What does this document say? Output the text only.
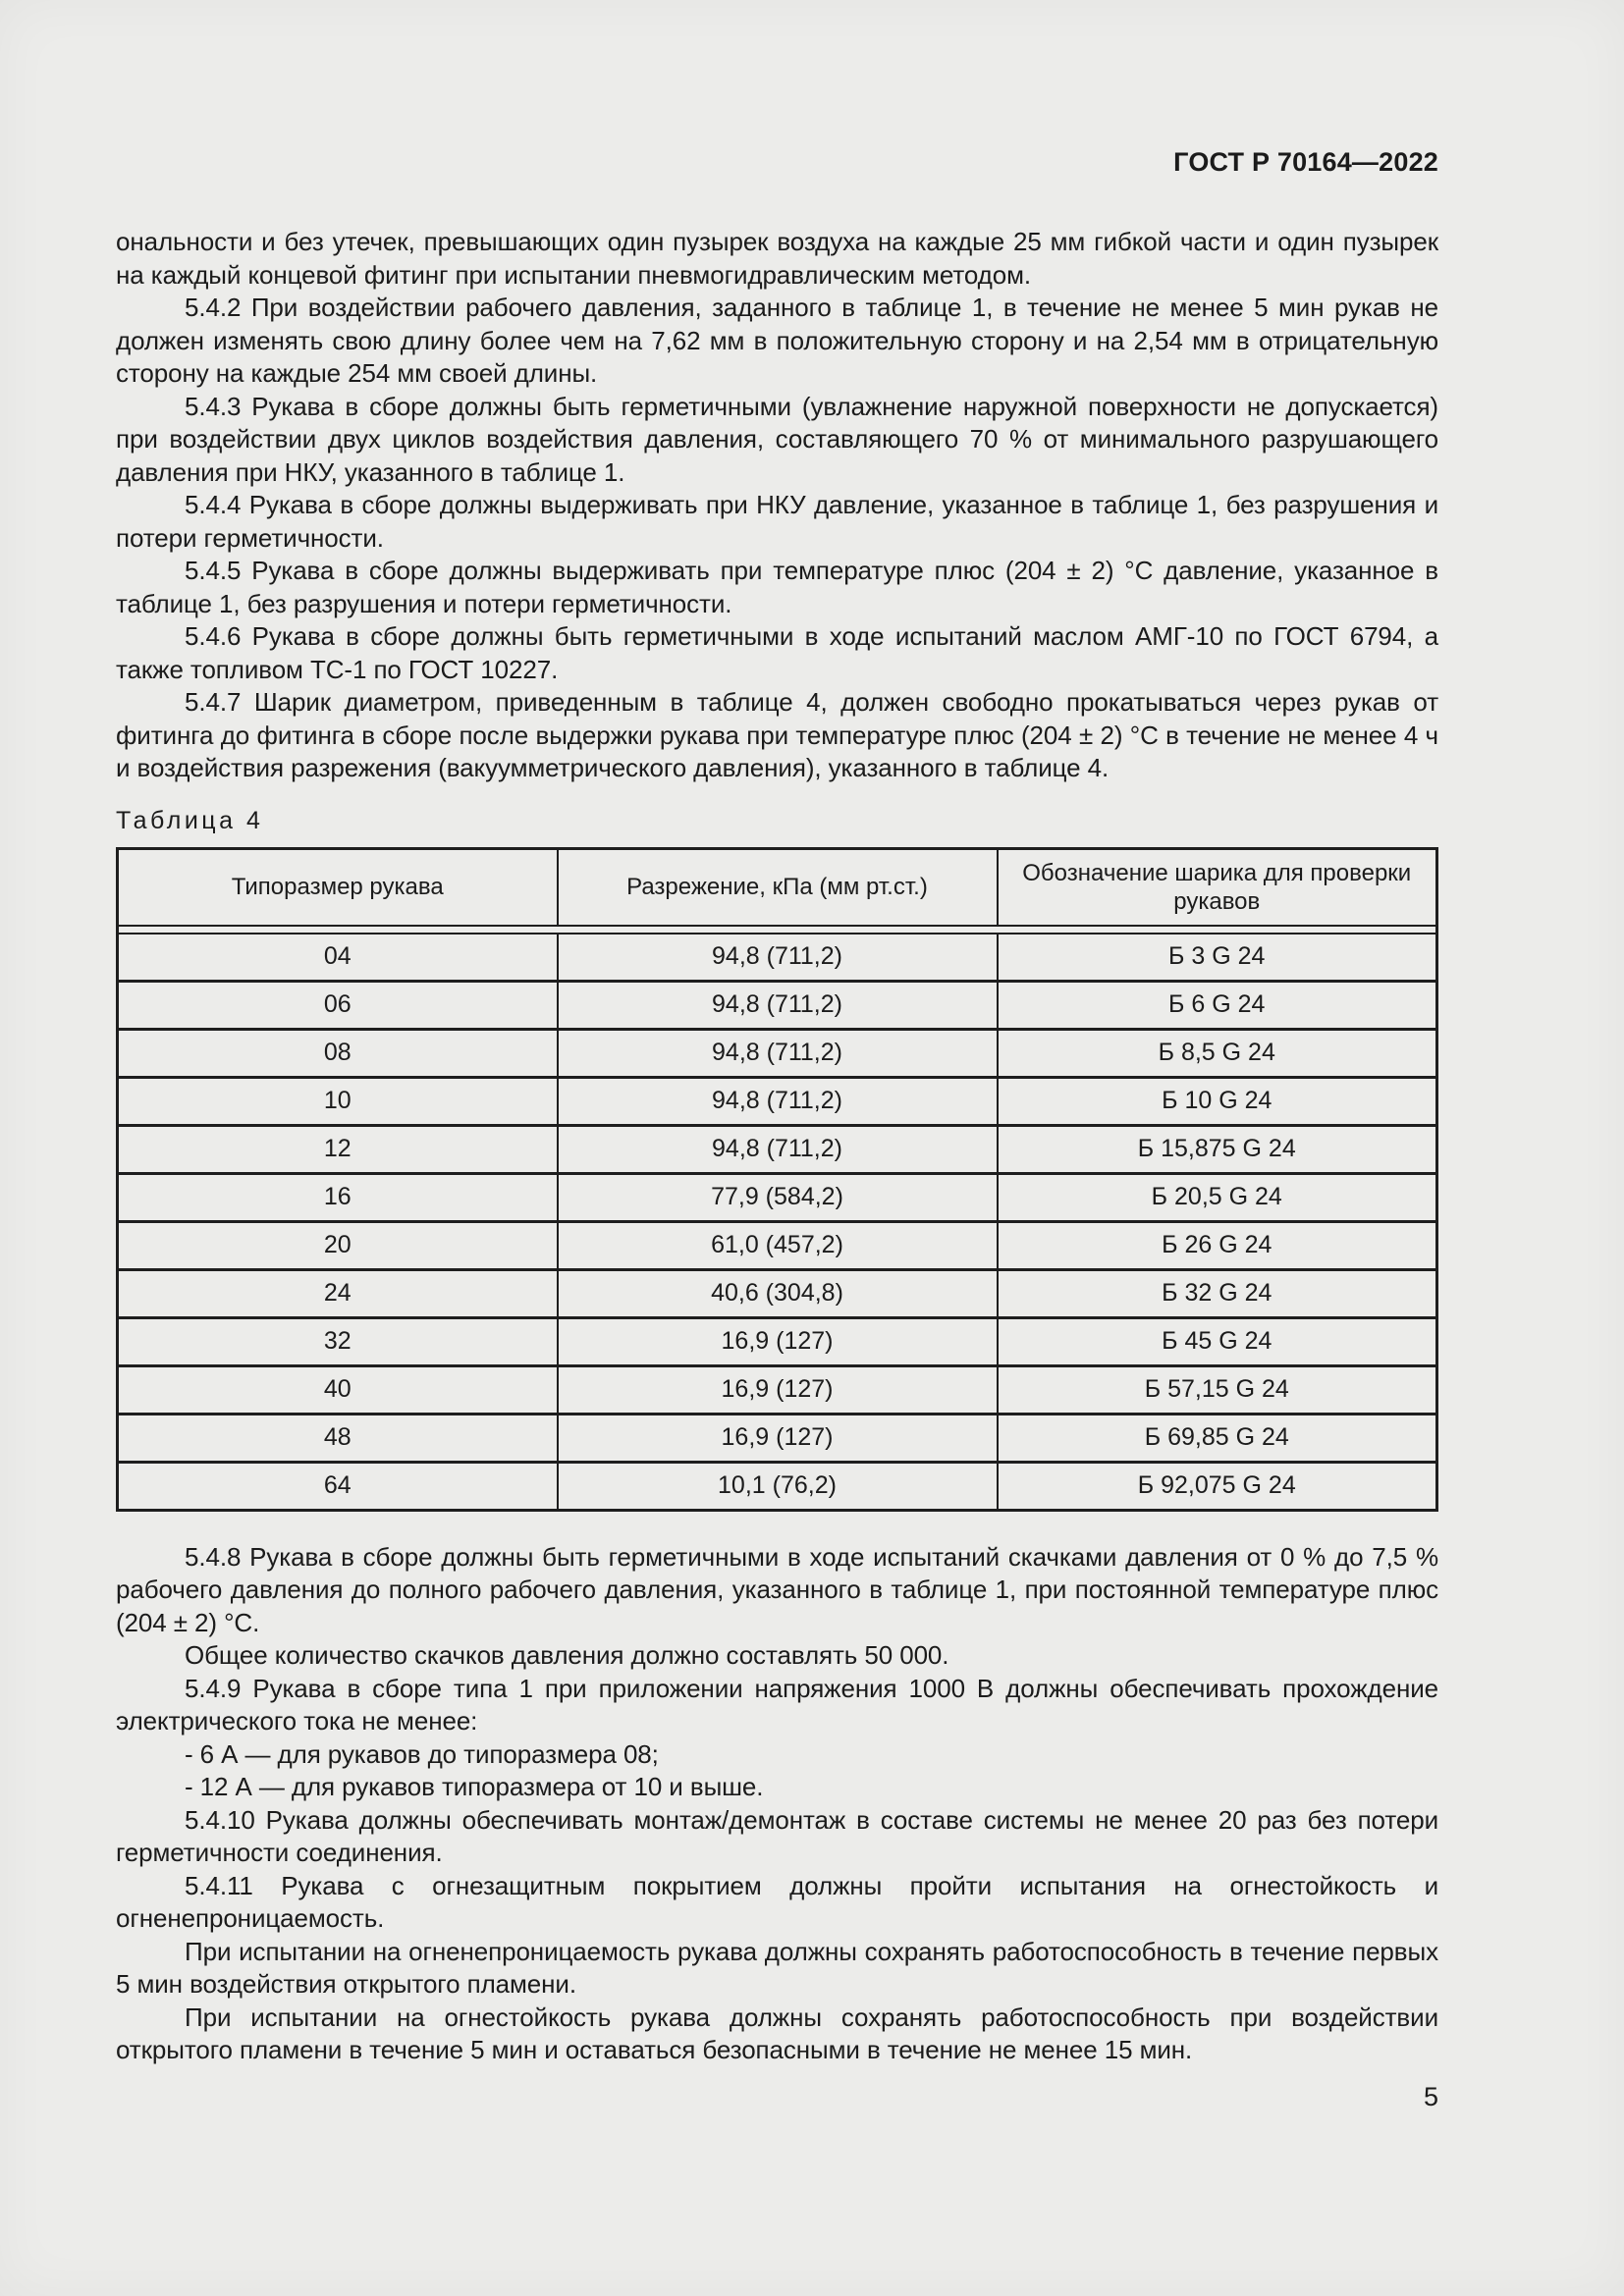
ГОСТ Р 70164—2022

ональности и без утечек, превышающих один пузырек воздуха на каждые 25 мм гибкой части и один пузырек на каждый концевой фитинг при испытании пневмогидравлическим методом.

5.4.2 При воздействии рабочего давления, заданного в таблице 1, в течение не менее 5 мин рукав не должен изменять свою длину более чем на 7,62 мм в положительную сторону и на 2,54 мм в отрицательную сторону на каждые 254 мм своей длины.

5.4.3 Рукава в сборе должны быть герметичными (увлажнение наружной поверхности не допускается) при воздействии двух циклов воздействия давления, составляющего 70 % от минимального разрушающего давления при НКУ, указанного в таблице 1.

5.4.4 Рукава в сборе должны выдерживать при НКУ давление, указанное в таблице 1, без разрушения и потери герметичности.

5.4.5 Рукава в сборе должны выдерживать при температуре плюс (204 ± 2) °С давление, указанное в таблице 1, без разрушения и потери герметичности.

5.4.6 Рукава в сборе должны быть герметичными в ходе испытаний маслом АМГ-10 по ГОСТ 6794, а также топливом ТС-1 по ГОСТ 10227.

5.4.7 Шарик диаметром, приведенным в таблице 4, должен свободно прокатываться через рукав от фитинга до фитинга в сборе после выдержки рукава при температуре плюс (204 ± 2) °С в течение не менее 4 ч и воздействия разрежения (вакуумметрического давления), указанного в таблице 4.

Таблица 4
Типоразмер рукава	Разрежение, кПа (мм рт.ст.)	Обозначение шарика для проверки рукавов

04	94,8 (711,2)	Б 3 G 24
06	94,8 (711,2)	Б 6 G 24
08	94,8 (711,2)	Б 8,5 G 24
10	94,8 (711,2)	Б 10 G 24
12	94,8 (711,2)	Б 15,875 G 24
16	77,9 (584,2)	Б 20,5 G 24
20	61,0 (457,2)	Б 26 G 24
24	40,6 (304,8)	Б 32 G 24
32	16,9 (127)	Б 45 G 24
40	16,9 (127)	Б 57,15 G 24
48	16,9 (127)	Б 69,85 G 24
64	10,1 (76,2)	Б 92,075 G 24

5.4.8 Рукава в сборе должны быть герметичными в ходе испытаний скачками давления от 0 % до 7,5 % рабочего давления до полного рабочего давления, указанного в таблице 1, при постоянной температуре плюс (204 ± 2) °С.

Общее количество скачков давления должно составлять 50 000.

5.4.9 Рукава в сборе типа 1 при приложении напряжения 1000 В должны обеспечивать прохождение электрического тока не менее:

- 6 А — для рукавов до типоразмера 08;

- 12 А — для рукавов типоразмера от 10 и выше.

5.4.10 Рукава должны обеспечивать монтаж/демонтаж в составе системы не менее 20 раз без потери герметичности соединения.

5.4.11 Рукава с огнезащитным покрытием должны пройти испытания на огнестойкость и огненепроницаемость.

При испытании на огненепроницаемость рукава должны сохранять работоспособность в течение первых 5 мин воздействия открытого пламени.

При испытании на огнестойкость рукава должны сохранять работоспособность при воздействии открытого пламени в течение 5 мин и оставаться безопасными в течение не менее 15 мин.

5
